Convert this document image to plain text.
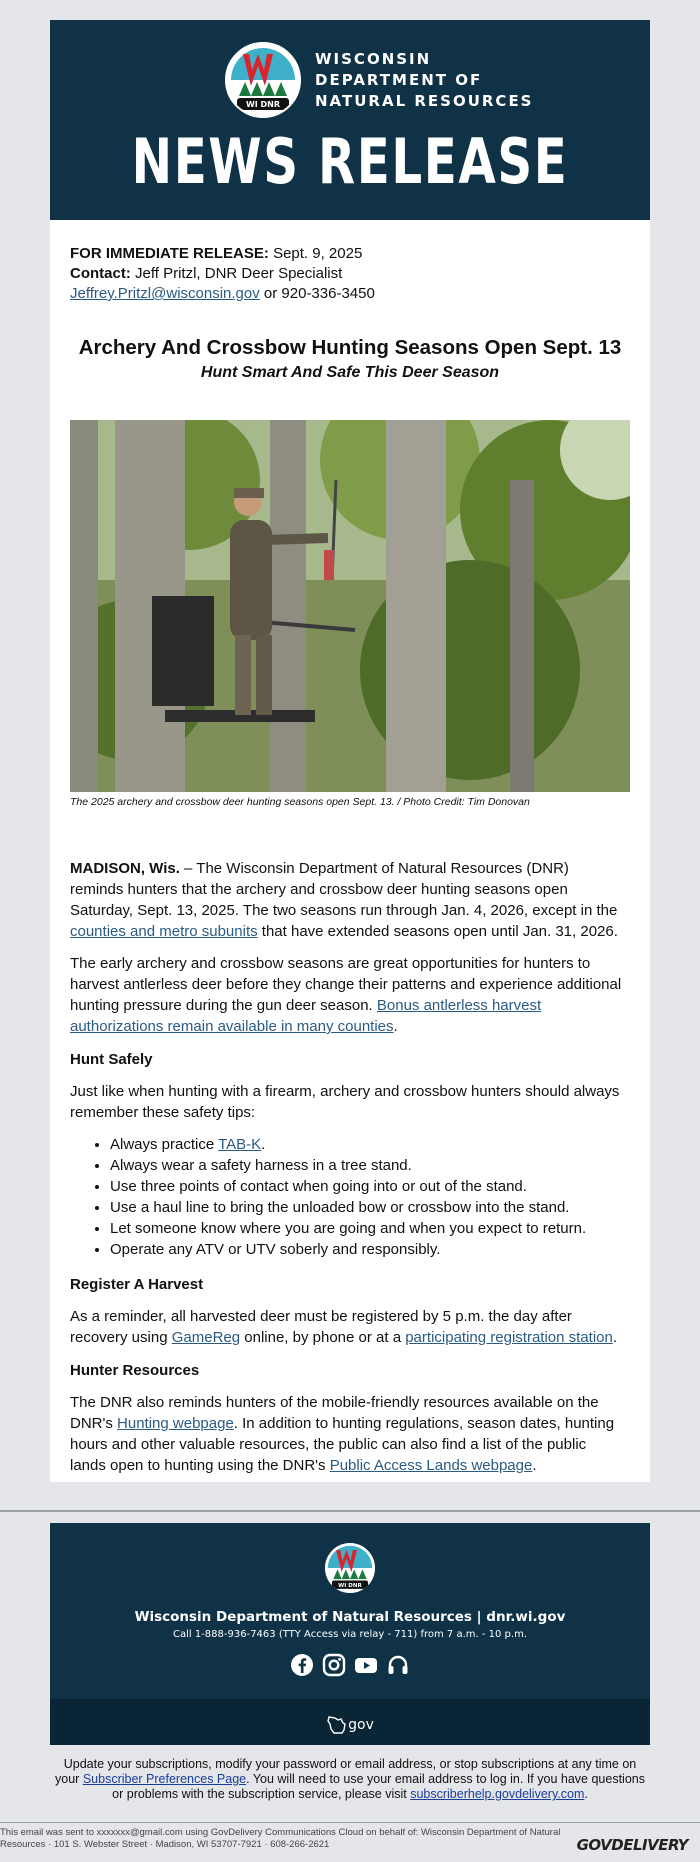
WI DNR
WISCONSIN
DEPARTMENT OF
NATURAL RESOURCES
NEWS RELEASE
FOR IMMEDIATE RELEASE: Sept. 9, 2025
Contact: Jeff Pritzl, DNR Deer Specialist
Jeffrey.Pritzl@wisconsin.gov or 920-336-3450
Archery And Crossbow Hunting Seasons Open Sept. 13
Hunt Smart And Safe This Deer Season
The 2025 archery and crossbow deer hunting seasons open Sept. 13. / Photo Credit: Tim Donovan

MADISON, Wis. – The Wisconsin Department of Natural Resources (DNR) reminds hunters that the archery and crossbow deer hunting seasons open Saturday, Sept. 13, 2025. The two seasons run through Jan. 4, 2026, except in the counties and metro subunits that have extended seasons open until Jan. 31, 2026.

The early archery and crossbow seasons are great opportunities for hunters to harvest antlerless deer before they change their patterns and experience additional hunting pressure during the gun deer season. Bonus antlerless harvest authorizations remain available in many counties.

Hunt Safely

Just like when hunting with a firearm, archery and crossbow hunters should always remember these safety tips:

• Always practice TAB-K.
• Always wear a safety harness in a tree stand.
• Use three points of contact when going into or out of the stand.
• Use a haul line to bring the unloaded bow or crossbow into the stand.
• Let someone know where you are going and when you expect to return.
• Operate any ATV or UTV soberly and responsibly.
Register A Harvest

As a reminder, all harvested deer must be registered by 5 p.m. the day after recovery using GameReg online, by phone or at a participating registration station.

Hunter Resources

The DNR also reminds hunters of the mobile-friendly resources available on the DNR's Hunting webpage. In addition to hunting regulations, season dates, hunting hours and other valuable resources, the public can also find a list of the public lands open to hunting using the DNR's Public Access Lands webpage.

WI DNR
Wisconsin Department of Natural Resources | dnr.wi.gov
Call 1-888-936-7463 (TTY Access via relay - 711) from 7 a.m. - 10 p.m.
gov
Update your subscriptions, modify your password or email address, or stop subscriptions at any time on your Subscriber Preferences Page. You will need to use your email address to log in. If you have questions or problems with the subscription service, please visit subscriberhelp.govdelivery.com.
This email was sent to xxxxxxx@gmail.com using GovDelivery Communications Cloud on behalf of: Wisconsin Department of Natural Resources · 101 S. Webster Street · Madison, WI 53707-7921 · 608-266-2621	GOVDELIVERY
